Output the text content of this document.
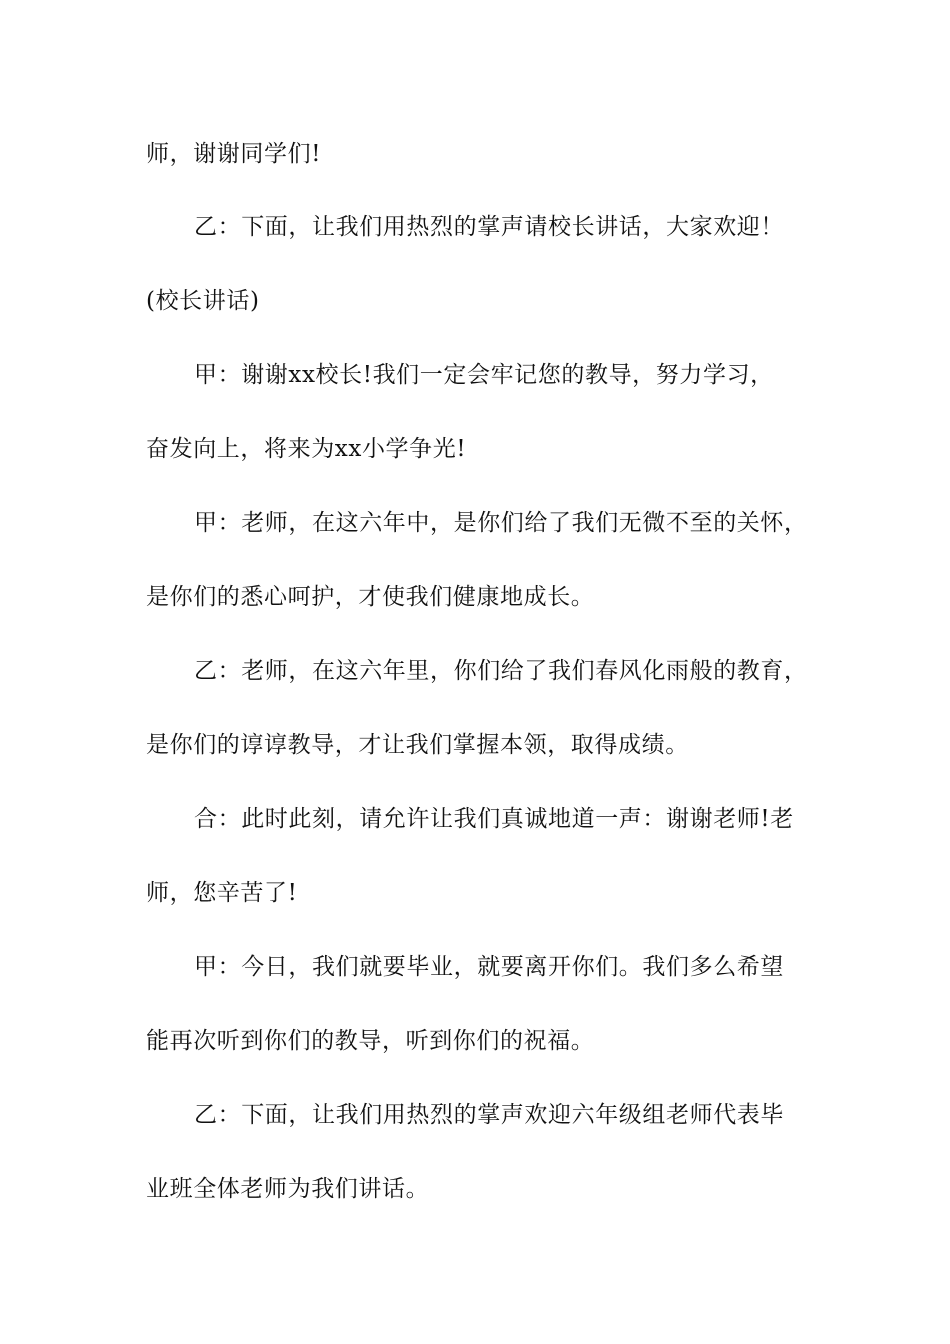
师，谢谢同学们!
乙：下面，让我们用热烈的掌声请校长讲话，大家欢迎！
(校长讲话)
甲：谢谢xx校长!我们一定会牢记您的教导，努力学习，
奋发向上，将来为xx小学争光!
甲：老师，在这六年中，是你们给了我们无微不至的关怀，
是你们的悉心呵护，才使我们健康地成长。
乙：老师，在这六年里，你们给了我们春风化雨般的教育，
是你们的谆谆教导，才让我们掌握本领，取得成绩。
合：此时此刻，请允许让我们真诚地道一声：谢谢老师!老
师，您辛苦了!
甲：今日，我们就要毕业，就要离开你们。我们多么希望
能再次听到你们的教导，听到你们的祝福。
乙：下面，让我们用热烈的掌声欢迎六年级组老师代表毕
业班全体老师为我们讲话。
